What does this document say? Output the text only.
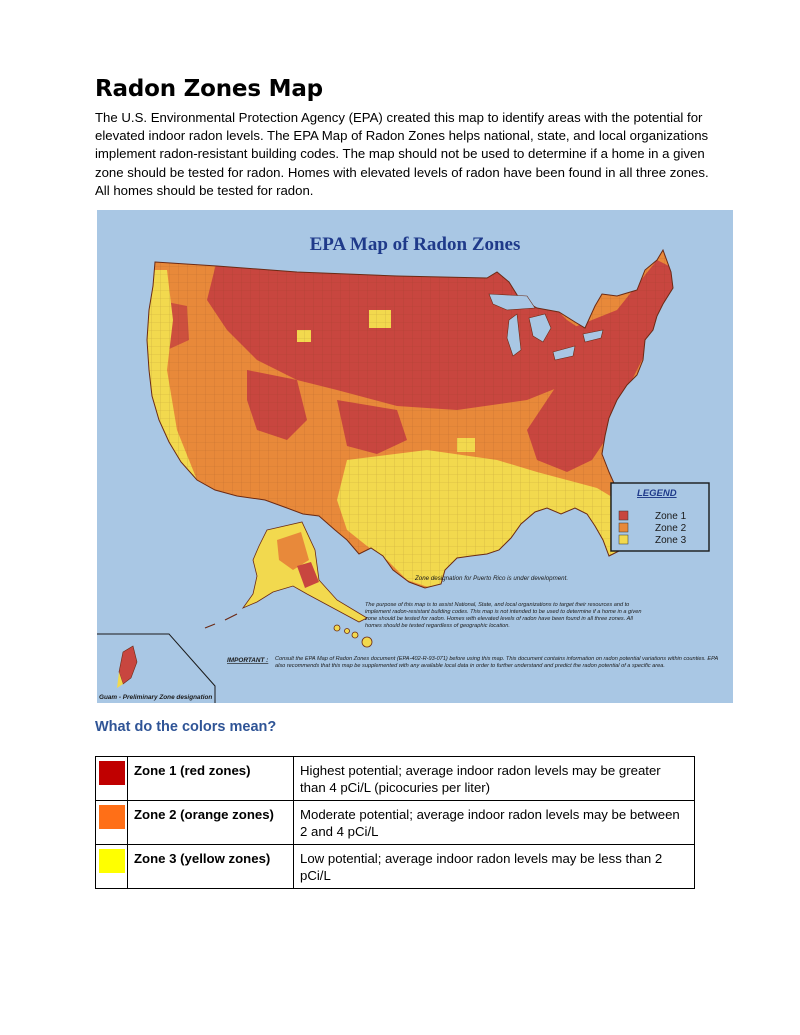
Radon Zones Map

The U.S. Environmental Protection Agency (EPA) created this map to identify areas with the potential for elevated indoor radon levels. The EPA Map of Radon Zones helps national, state, and local organizations implement radon-resistant building codes. The map should not be used to determine if a home in a given zone should be tested for radon. Homes with elevated levels of radon have been found in all three zones. All homes should be tested for radon.

EPA Map of Radon Zones
Guam - Preliminary Zone designation
LEGEND
Zone 1
Zone 2
Zone 3
Zone designation for Puerto Rico is under development.
The purpose of this map is to assist National, State, and local organizations to target their resources and to implement radon-resistant building codes. This map is not intended to be used to determine if a home in a given zone should be tested for radon. Homes with elevated levels of radon have been found in all three zones. All homes should be tested regardless of geographic location.
IMPORTANT : Consult the EPA Map of Radon Zones document (EPA-402-R-93-071) before using this map. This document contains information on radon potential variations within counties. EPA also recommends that this map be supplemented with any available local data in order to further understand and predict the radon potential of a specific area.
What do the colors mean?
	Zone 1 (red zones)	Highest potential; average indoor radon levels may be greater than 4 pCi/L (picocuries per liter)

	Zone 2 (orange zones)	Moderate potential; average indoor radon levels may be between 2 and 4 pCi/L

	Zone 3 (yellow zones)	Low potential; average indoor radon levels may be less than 2 pCi/L
